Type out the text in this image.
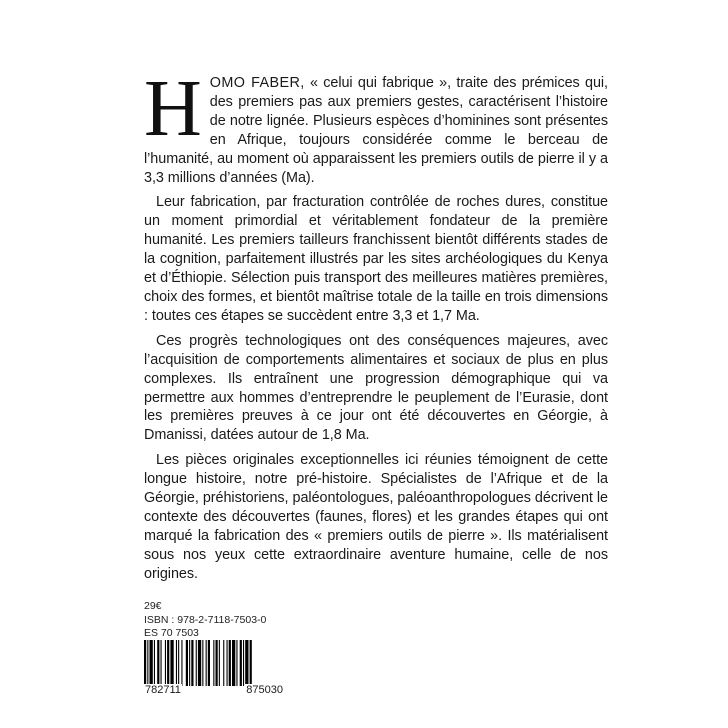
HOMO FABER, « celui qui fabrique », traite des prémices qui, des premiers pas aux premiers gestes, caractérisent l’histoire de notre lignée. Plusieurs espèces d’hominines sont présentes en Afrique, toujours considérée comme le berceau de l’humanité, au moment où apparaissent les premiers outils de pierre il y a 3,3 millions d’années (Ma).

Leur fabrication, par fracturation contrôlée de roches dures, constitue un moment primordial et véritablement fondateur de la première humanité. Les premiers tailleurs franchissent bientôt différents stades de la cognition, parfaitement illustrés par les sites archéologiques du Kenya et d’Éthiopie. Sélection puis transport des meilleures matières premières, choix des formes, et bientôt maîtrise totale de la taille en trois dimensions : toutes ces étapes se succèdent entre 3,3 et 1,7 Ma.

Ces progrès technologiques ont des conséquences majeures, avec l’acquisition de comportements alimentaires et sociaux de plus en plus complexes. Ils entraînent une progression démographique qui va permettre aux hommes d’entreprendre le peuplement de l’Eurasie, dont les premières preuves à ce jour ont été découvertes en Géorgie, à Dmanissi, datées autour de 1,8 Ma.

Les pièces originales exceptionnelles ici réunies témoignent de cette longue histoire, notre pré-histoire. Spécialistes de l’Afrique et de la Géorgie, préhistoriens, paléontologues, paléoanthropologues décrivent le contexte des découvertes (faunes, flores) et les grandes étapes qui ont marqué la fabrication des « premiers outils de pierre ». Ils matérialisent sous nos yeux cette extraordinaire aventure humaine, celle de nos origines.

29€
ISBN : 978-2-7118-7503-0
ES 70 7503
782711	875030
